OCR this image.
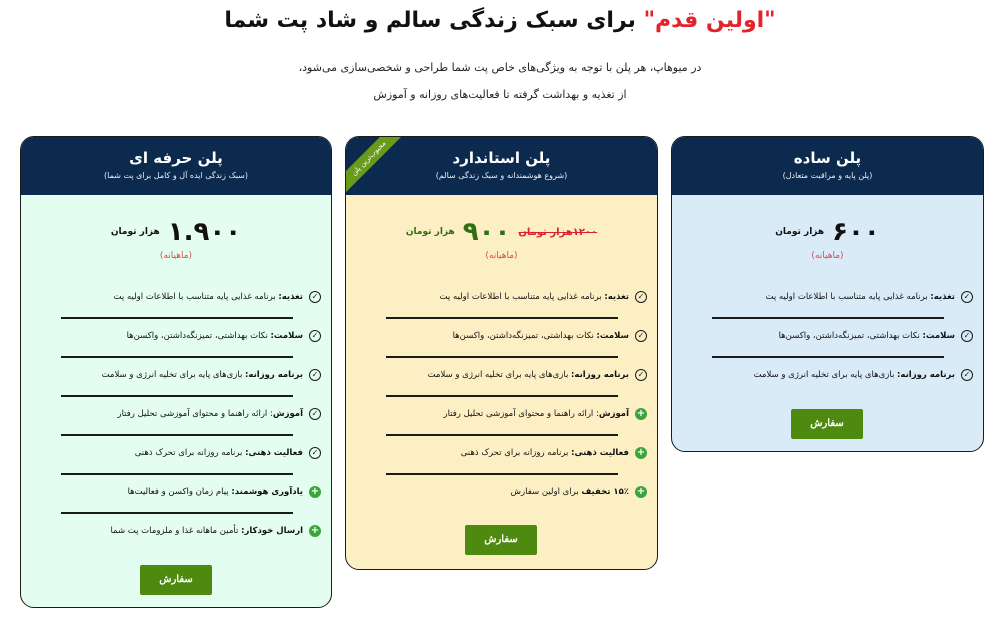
"اولین قدم" برای سبک زندگی سالم و شاد پت شما
در میوهاپ، هر پلن با توجه به ویژگی‌های خاص پت شما طراحی و شخصی‌سازی می‌شود،
از تغذیه و بهداشت گرفته تا فعالیت‌های روزانه و آموزش
پلن حرفه ای
(سبک زندگی ایده آل و کامل برای پت شما)
۱.۹۰۰
هزار تومان
(ماهیانه)
✓
تغذیه: برنامه غذایی پایه متناسب با اطلاعات اولیه پت
✓
سلامت: نکات بهداشتی، تمیزنگه‌داشتن، واکسن‌ها
✓
برنامه روزانه: بازی‌های پایه برای تخلیه انرژی و سلامت
✓
آموزش: ارائه راهنما و محتوای آموزشی تحلیل رفتار
✓
فعالیت ذهنی: برنامه روزانه برای تحرک ذهنی
+
یادآوری هوشمند: پیام زمان واکسن و فعالیت‌ها
+
ارسال خودکار: تأمین ماهانه غذا و ملزومات پت شما
سفارش
محبوب‌ترین پلن	پلن استاندارد
(شروع هوشمندانه و سبک زندگی سالم)
۱۲۰۰هزار تومان
۹۰۰
هزار تومان
(ماهیانه)
✓
تغذیه: برنامه غذایی پایه متناسب با اطلاعات اولیه پت
✓
سلامت: نکات بهداشتی، تمیزنگه‌داشتن، واکسن‌ها
✓
برنامه روزانه: بازی‌های پایه برای تخلیه انرژی و سلامت
+
آموزش: ارائه راهنما و محتوای آموزشی تحلیل رفتار
+
فعالیت ذهنی: برنامه روزانه برای تحرک ذهنی
+
۱۵٪ تخفیف برای اولین سفارش
سفارش
پلن ساده
(پلن پایه و مراقبت متعادل)
۶۰۰
هزار تومان
(ماهیانه)
✓
تغذیه: برنامه غذایی پایه متناسب با اطلاعات اولیه پت
✓
سلامت: نکات بهداشتی، تمیزنگه‌داشتن، واکسن‌ها
✓
برنامه روزانه: بازی‌های پایه برای تخلیه انرژی و سلامت
سفارش
